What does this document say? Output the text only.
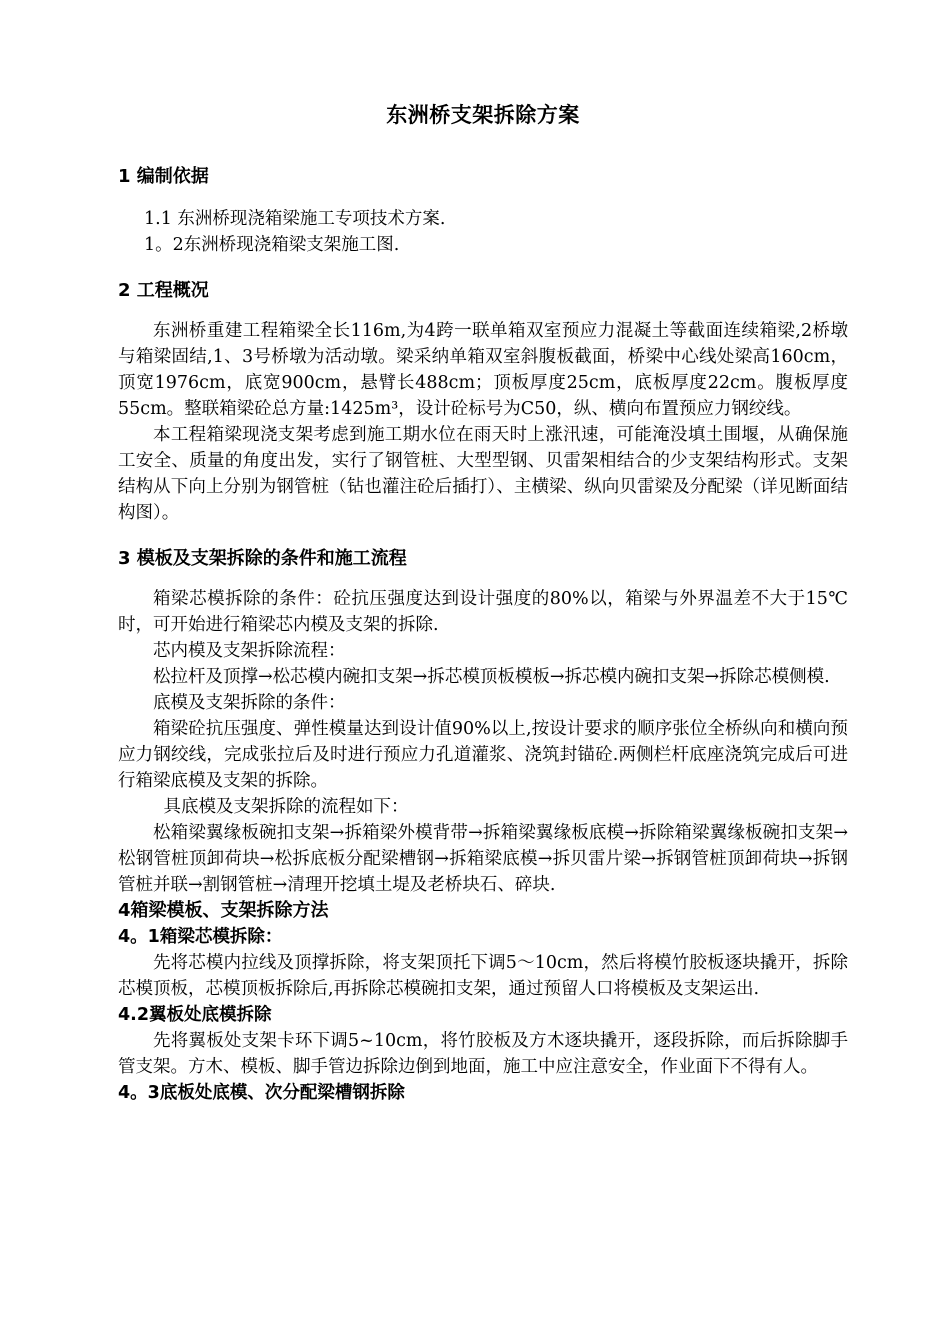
东洲桥支架拆除方案
1 编制依据
1.1 东洲桥现浇箱梁施工专项技术方案.
1。2东洲桥现浇箱梁支架施工图.
2 工程概况

东洲桥重建工程箱梁全长116m,为4跨一联单箱双室预应力混凝土等截面连续箱梁,2桥墩与箱梁固结,1、3号桥墩为活动墩。梁采纳单箱双室斜腹板截面，桥梁中心线处梁高160cm，顶宽1976cm，底宽900cm，悬臂长488cm；顶板厚度25cm，底板厚度22cm。腹板厚度55cm。整联箱梁砼总方量:1425m³，设计砼标号为C50，纵、横向布置预应力钢绞线。

本工程箱梁现浇支架考虑到施工期水位在雨天时上涨汛速，可能淹没填土围堰，从确保施工安全、质量的角度出发，实行了钢管桩、大型型钢、贝雷架相结合的少支架结构形式。支架结构从下向上分别为钢管桩（钻也灌注砼后插打）、主横梁、纵向贝雷梁及分配梁（详见断面结构图）。

3 模板及支架拆除的条件和施工流程

箱梁芯模拆除的条件：砼抗压强度达到设计强度的80%以，箱梁与外界温差不大于15℃时，可开始进行箱梁芯内模及支架的拆除.

芯内模及支架拆除流程：

松拉杆及顶撑→松芯模内碗扣支架→拆芯模顶板模板→拆芯模内碗扣支架→拆除芯模侧模.

底模及支架拆除的条件：

箱梁砼抗压强度、弹性模量达到设计值90%以上,按设计要求的顺序张位全桥纵向和横向预应力钢绞线，完成张拉后及时进行预应力孔道灌浆、浇筑封锚砼.两侧栏杆底座浇筑完成后可进行箱梁底模及支架的拆除。

具底模及支架拆除的流程如下：

松箱梁翼缘板碗扣支架→拆箱梁外模背带→拆箱梁翼缘板底模→拆除箱梁翼缘板碗扣支架→松钢管桩顶卸荷块→松拆底板分配梁槽钢→拆箱梁底模→拆贝雷片梁→拆钢管桩顶卸荷块→拆钢管桩并联→割钢管桩→清理开挖填土堤及老桥块石、碎块.

4箱梁模板、支架拆除方法
4。1箱梁芯模拆除：

先将芯模内拉线及顶撑拆除，将支架顶托下调5～10cm，然后将模竹胶板逐块撬开，拆除芯模顶板，芯模顶板拆除后,再拆除芯模碗扣支架，通过预留人口将模板及支架运出.

4.2翼板处底模拆除

先将翼板处支架卡环下调5~10cm，将竹胶板及方木逐块撬开，逐段拆除，而后拆除脚手管支架。方木、模板、脚手管边拆除边倒到地面，施工中应注意安全，作业面下不得有人。

4。3底板处底模、次分配梁槽钢拆除
